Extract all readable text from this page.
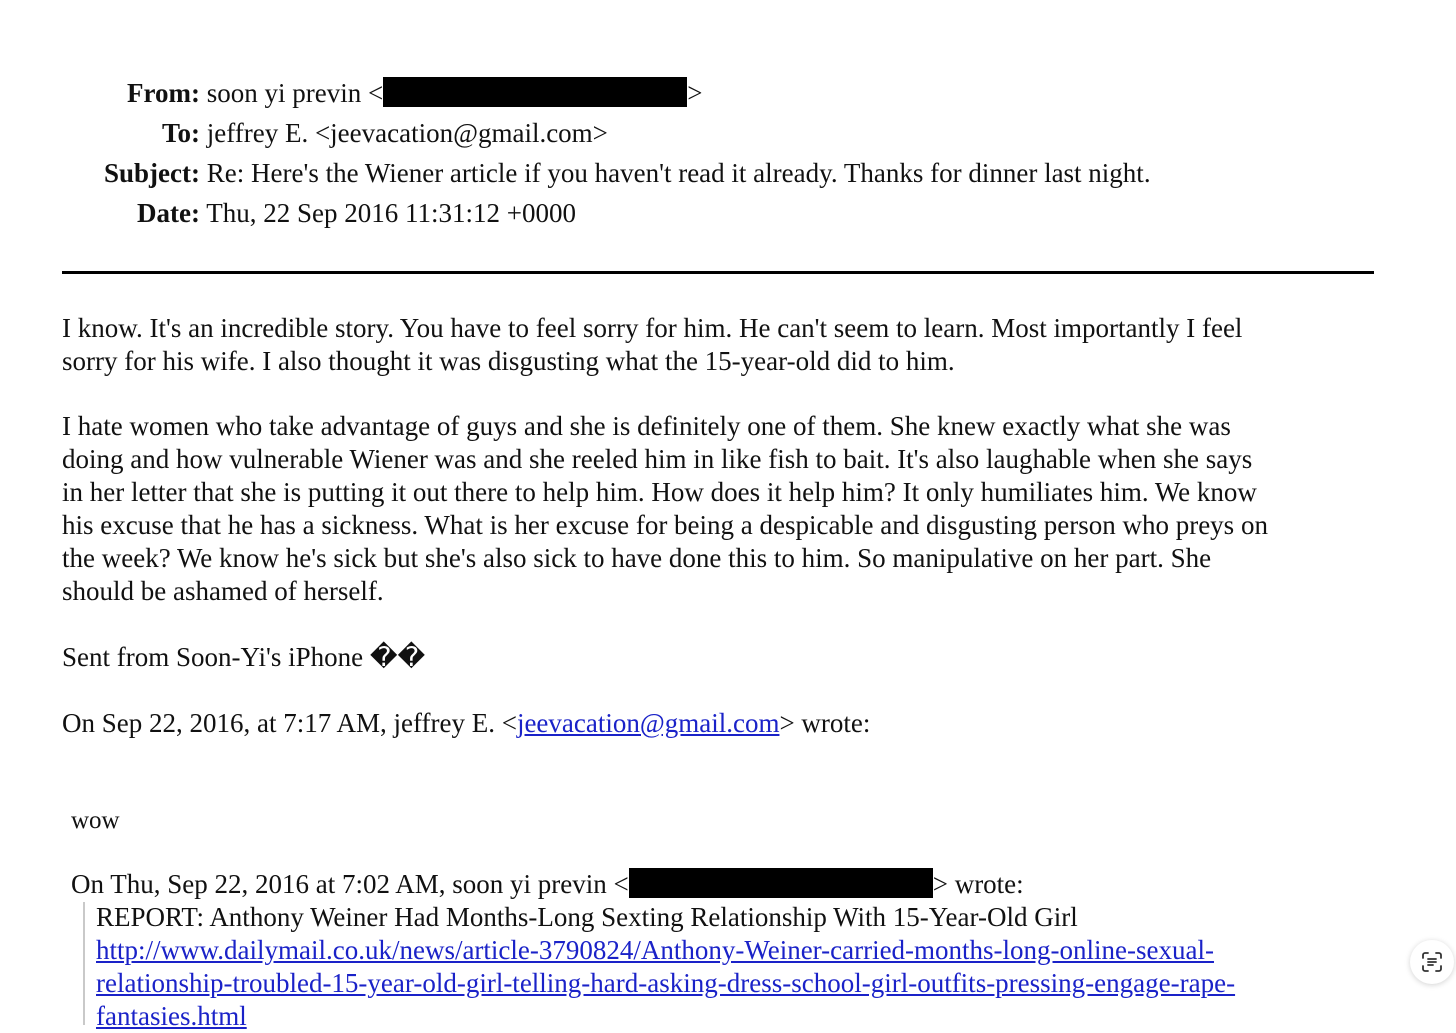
From: soon yi previn <	>
To: jeffrey E. <jeevacation@gmail.com>
Subject: Re: Here's the Wiener article if you haven't read it already. Thanks for dinner last night.
Date: Thu, 22 Sep 2016 11:31:12 +0000
I know. It's an incredible story. You have to feel sorry for him. He can't seem to learn. Most importantly I feel
sorry for his wife. I also thought it was disgusting what the 15-year-old did to him.
I hate women who take advantage of guys and she is definitely one of them. She knew exactly what she was
doing and how vulnerable Wiener was and she reeled him in like fish to bait. It's also laughable when she says
in her letter that she is putting it out there to help him. How does it help him? It only humiliates him. We know
his excuse that he has a sickness. What is her excuse for being a despicable and disgusting person who preys on
the week? We know he's sick but she's also sick to have done this to him. So manipulative on her part. She
should be ashamed of herself.
Sent from Soon-Yi's iPhone ��
On Sep 22, 2016, at 7:17 AM, jeffrey E. <jeevacation@gmail.com> wrote:
wow
On Thu, Sep 22, 2016 at 7:02 AM, soon yi previn <	> wrote:
REPORT: Anthony Weiner Had Months-Long Sexting Relationship With 15-Year-Old Girl
http://www.dailymail.co.uk/news/article-3790824/Anthony-Weiner-carried-months-long-online-sexual-
relationship-troubled-15-year-old-girl-telling-hard-asking-dress-school-girl-outfits-pressing-engage-rape-
fantasies.html
